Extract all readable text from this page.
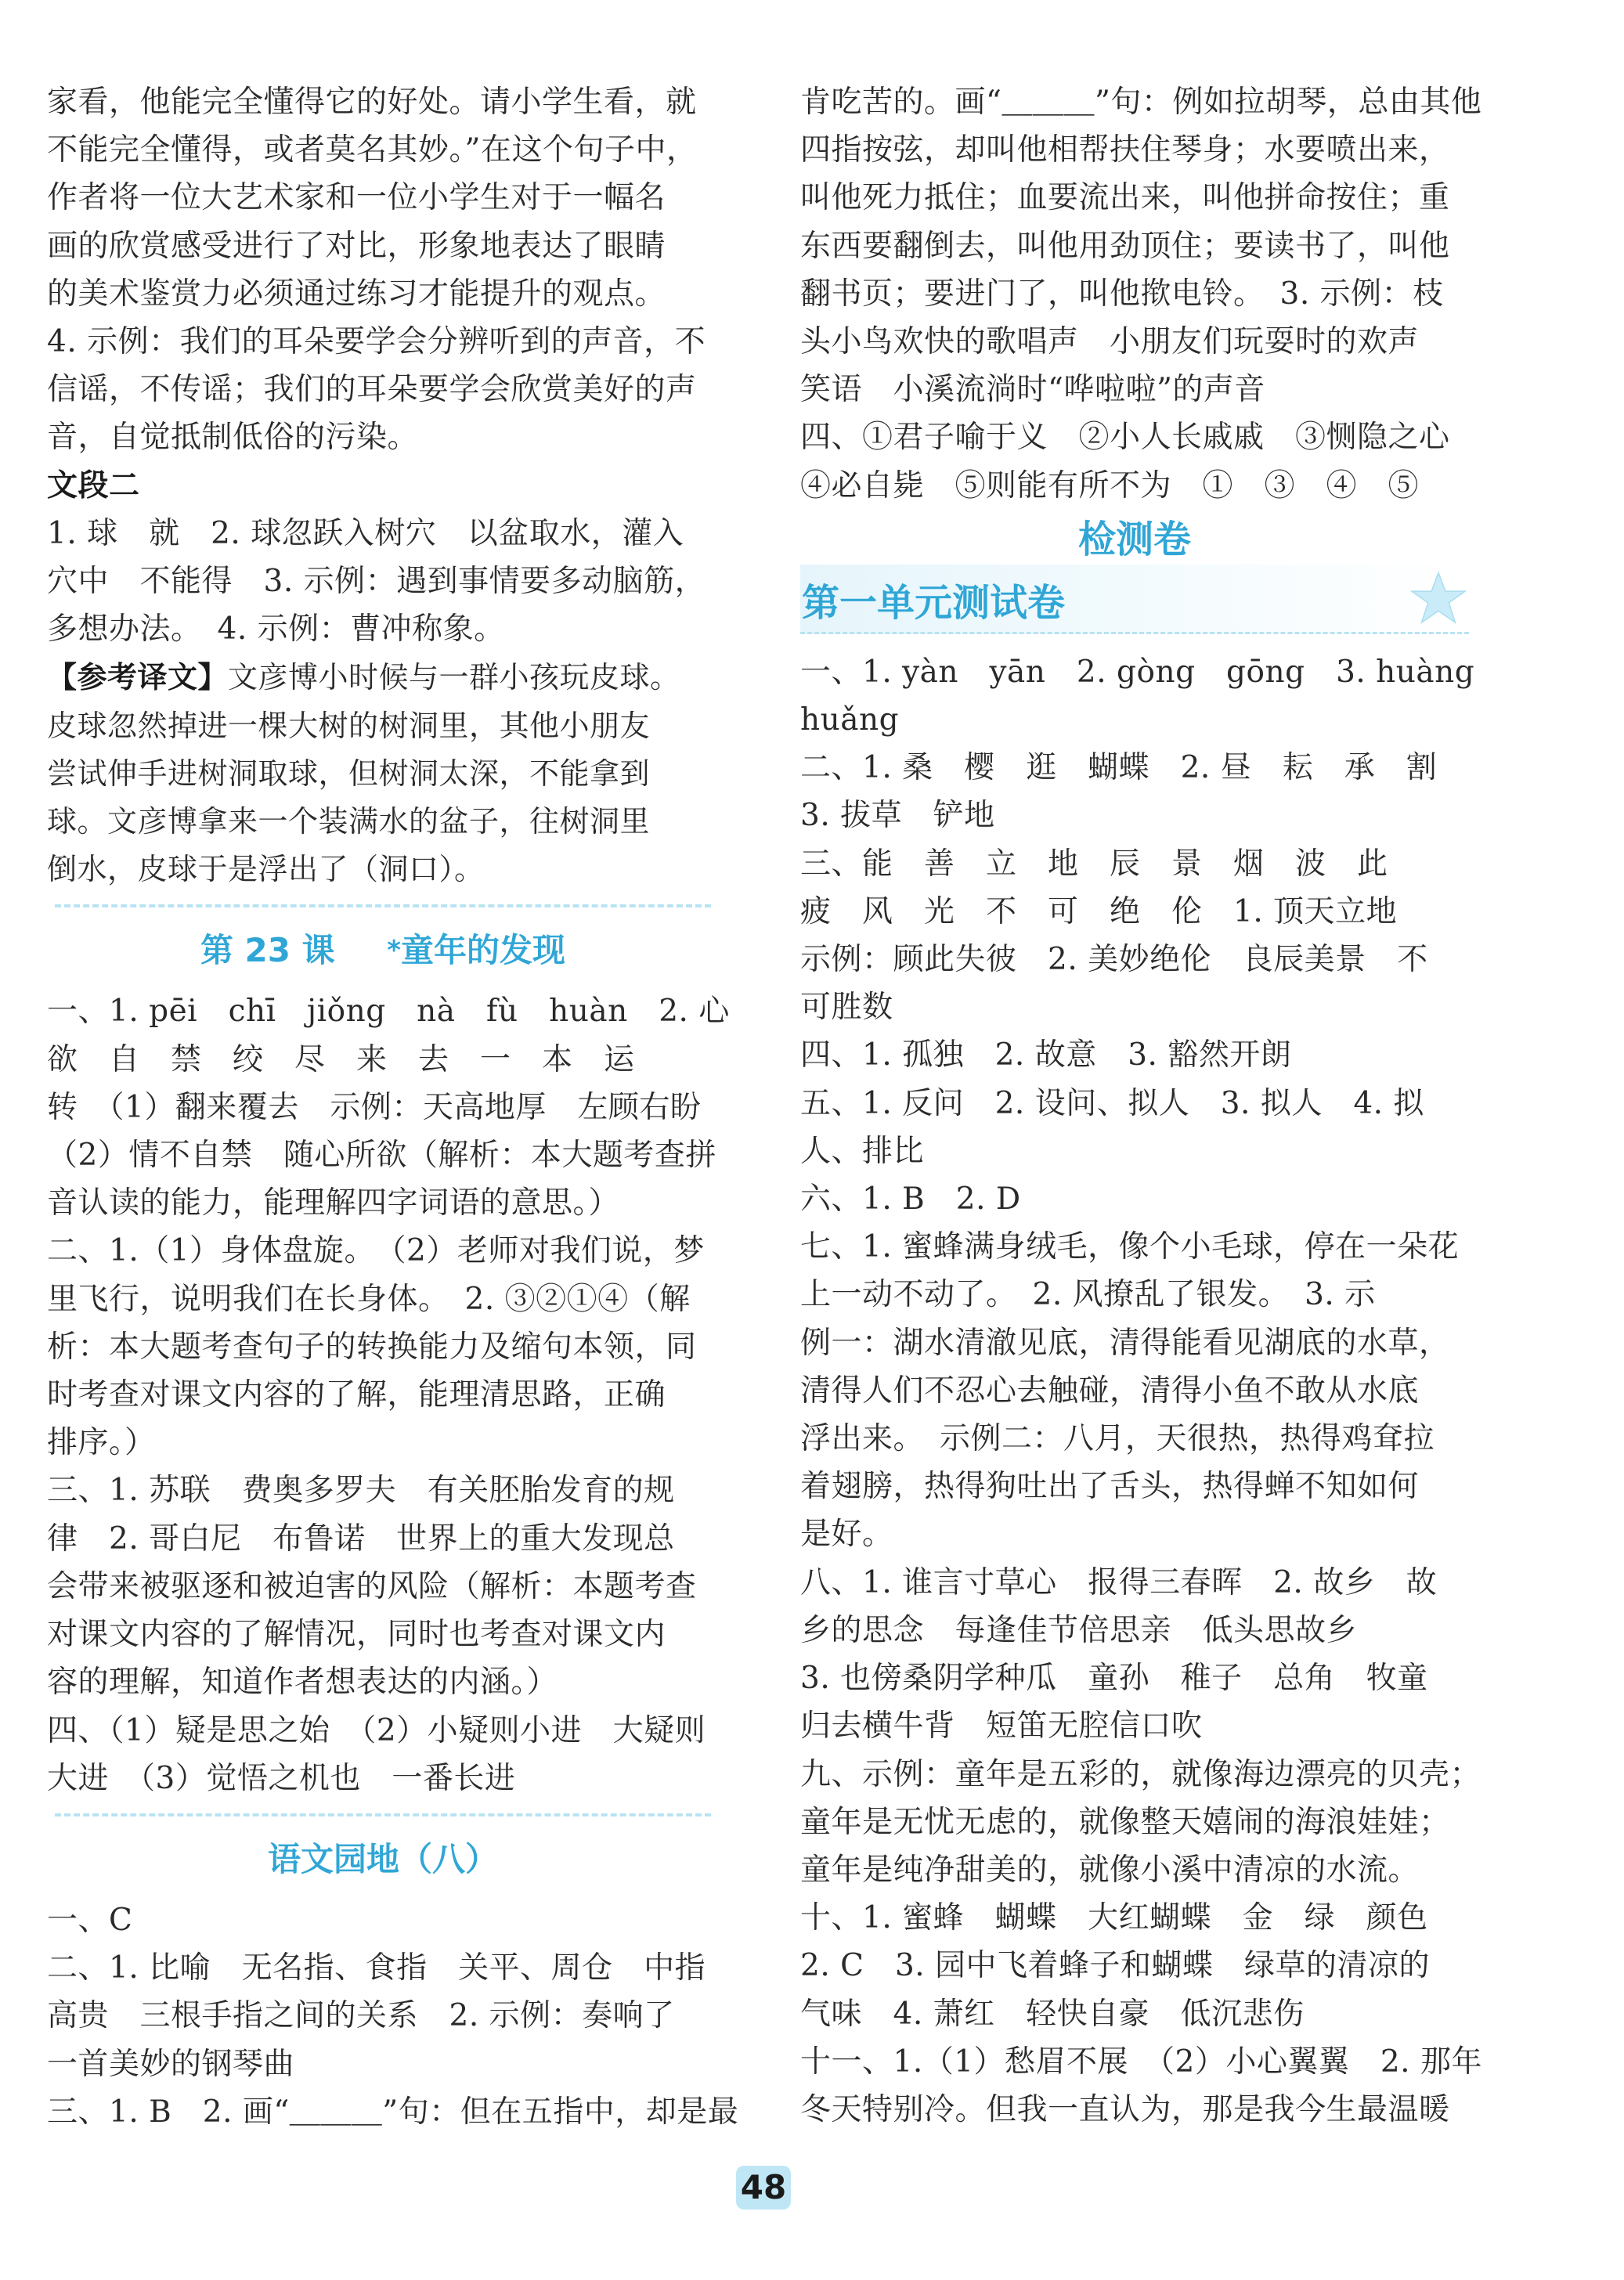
家看，他能完全懂得它的好处。请小学生看，就

不能完全懂得，或者莫名其妙。”在这个句子中，

作者将一位大艺术家和一位小学生对于一幅名

画的欣赏感受进行了对比，形象地表达了眼睛

的美术鉴赏力必须通过练习才能提升的观点。

4. 示例：我们的耳朵要学会分辨听到的声音，不

信谣，不传谣；我们的耳朵要学会欣赏美好的声

音，自觉抵制低俗的污染。

文段二

1. 球　就　2. 球忽跃入树穴　以盆取水，灌入

穴中　不能得　3. 示例：遇到事情要多动脑筋，

多想办法。　4. 示例：曹冲称象。

【参考译文】文彦博小时候与一群小孩玩皮球。

皮球忽然掉进一棵大树的树洞里，其他小朋友

尝试伸手进树洞取球，但树洞太深，不能拿到

球。文彦博拿来一个装满水的盆子，往树洞里

倒水，皮球于是浮出了（洞口）。

第 23 课　 *童年的发现

一、1. pēi　chī　jiǒng　nà　fù　huàn　2. 心

欲　自　禁　绞　尽　来　去　一　本　运

转　（1）翻来覆去　示例：天高地厚　左顾右盼

（2）情不自禁　随心所欲（解析：本大题考查拼

音认读的能力，能理解四字词语的意思。）

二、1.（1）身体盘旋。　（2）老师对我们说，梦

里飞行，说明我们在长身体。　2. ③②①④（解

析：本大题考查句子的转换能力及缩句本领，同

时考查对课文内容的了解，能理清思路，正确

排序。）

三、1. 苏联　费奥多罗夫　有关胚胎发育的规

律　2. 哥白尼　布鲁诺　世界上的重大发现总

会带来被驱逐和被迫害的风险（解析：本题考查

对课文内容的了解情况，同时也考查对课文内

容的理解，知道作者想表达的内涵。）

四、（1）疑是思之始　（2）小疑则小进　大疑则

大进　（3）觉悟之机也　一番长进

语文园地（八）

一、C

二、1. 比喻　无名指、食指　关平、周仓　中指

高贵　三根手指之间的关系　2. 示例：奏响了

一首美妙的钢琴曲

三、1. B　2. 画“＿＿＿”句：但在五指中，却是最

肯吃苦的。画“＿＿＿”句：例如拉胡琴，总由其他

四指按弦，却叫他相帮扶住琴身；水要喷出来，

叫他死力抵住；血要流出来，叫他拼命按住；重

东西要翻倒去，叫他用劲顶住；要读书了，叫他

翻书页；要进门了，叫他揿电铃。　3. 示例：枝

头小鸟欢快的歌唱声　小朋友们玩耍时的欢声

笑语　小溪流淌时“哗啦啦”的声音

四、①君子喻于义　②小人长戚戚　③恻隐之心

④必自毙　⑤则能有所不为　①　③　④　⑤

检测卷
第一单元测试卷

一、1. yàn　yān　2. gòng　gōng　3. huàng

huǎng

二、1. 桑　樱　逛　蝴蝶　2. 昼　耘　承　割

3. 拔草　铲地

三、能　善　立　地　辰　景　烟　波　此

疲　风　光　不　可　绝　伦　1. 顶天立地

示例：顾此失彼　2. 美妙绝伦　良辰美景　不

可胜数

四、1. 孤独　2. 故意　3. 豁然开朗

五、1. 反问　2. 设问、拟人　3. 拟人　4. 拟

人、排比

六、1. B　2. D

七、1. 蜜蜂满身绒毛，像个小毛球，停在一朵花

上一动不动了。　2. 风撩乱了银发。　3. 示

例一：湖水清澈见底，清得能看见湖底的水草，

清得人们不忍心去触碰，清得小鱼不敢从水底

浮出来。　示例二：八月，天很热，热得鸡耷拉

着翅膀，热得狗吐出了舌头，热得蝉不知如何

是好。

八、1. 谁言寸草心　报得三春晖　2. 故乡　故

乡的思念　每逢佳节倍思亲　低头思故乡

3. 也傍桑阴学种瓜　童孙　稚子　总角　牧童

归去横牛背　短笛无腔信口吹

九、示例：童年是五彩的，就像海边漂亮的贝壳；

童年是无忧无虑的，就像整天嬉闹的海浪娃娃；

童年是纯净甜美的，就像小溪中清凉的水流。

十、1. 蜜蜂　蝴蝶　大红蝴蝶　金　绿　颜色

2. C　3. 园中飞着蜂子和蝴蝶　绿草的清凉的

气味　4. 萧红　轻快自豪　低沉悲伤

十一、1.（1）愁眉不展　（2）小心翼翼　2. 那年

冬天特别冷。但我一直认为，那是我今生最温暖

48
